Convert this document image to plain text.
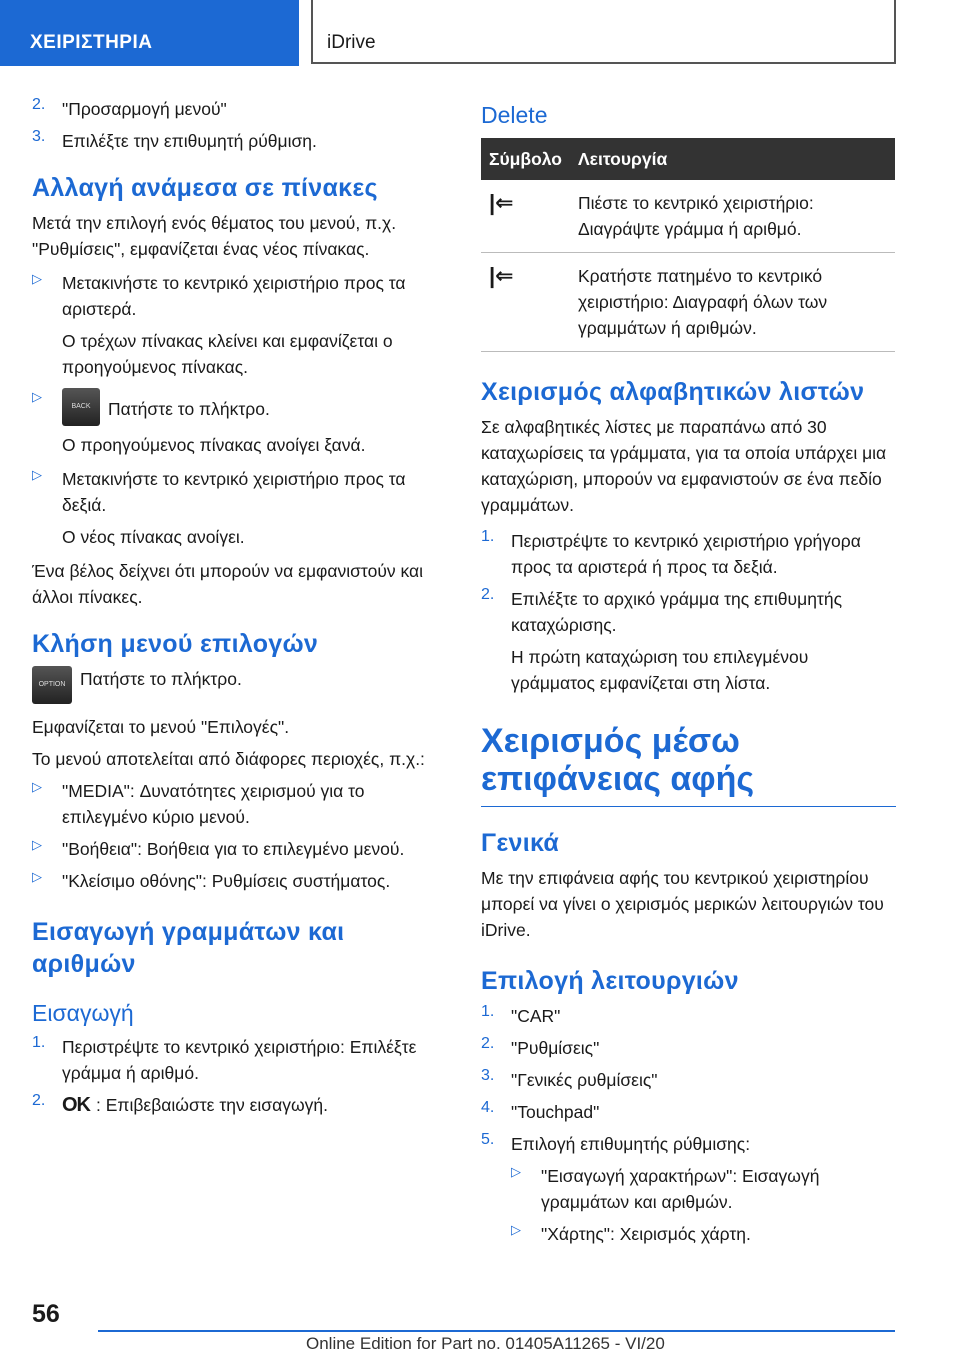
ΧΕΙΡΙΣΤΗΡΙΑ	iDrive
2. "Προσαρμογή μενού"
3. Επιλέξτε την επιθυμητή ρύθμιση.
Αλλαγή ανάμεσα σε πίνακες

Μετά την επιλογή ενός θέματος του μενού, π.χ. "Ρυθμίσεις", εμφανίζεται ένας νέος πίνακας.

▷	Μετακινήστε το κεντρικό χειριστήριο προς τα αριστερά.

Ο τρέχων πίνακας κλείνει και εμφανίζεται ο προηγούμενος πίνακας.

▷
BACK Πατήστε το πλήκτρο.

Ο προηγούμενος πίνακας ανοίγει ξανά.

▷	Μετακινήστε το κεντρικό χειριστήριο προς τα δεξιά.

Ο νέος πίνακας ανοίγει.

Ένα βέλος δείχνει ότι μπορούν να εμφανιστούν και άλλοι πίνακες.

Κλήση μενού επιλογών

OPTION Πατήστε το πλήκτρο.

Εμφανίζεται το μενού "Επιλογές".

Το μενού αποτελείται από διάφορες περιοχές, π.χ.:

▷	"MEDIA": Δυνατότητες χειρισμού για το επιλεγμένο κύριο μενού.
▷	"Βοήθεια": Βοήθεια για το επιλεγμένο μενού.
▷	"Κλείσιμο οθόνης": Ρυθμίσεις συστήματος.
Εισαγωγή γραμμάτων και αριθμών
Εισαγωγή
1. Περιστρέψτε το κεντρικό χειριστήριο: Επιλέξτε γράμμα ή αριθμό.
2. OK : Επιβεβαιώστε την εισαγωγή.
Delete
Σύμβολο	Λειτουργία
|⇐	Πιέστε το κεντρικό χειριστήριο: Διαγράψτε γράμμα ή αριθμό.
|⇐	Κρατήστε πατημένο το κεντρικό χειριστήριο: Διαγραφή όλων των γραμμάτων ή αριθμών.
Χειρισμός αλφαβητικών λιστών

Σε αλφαβητικές λίστες με παραπάνω από 30 καταχωρίσεις τα γράμματα, για τα οποία υπάρχει μια καταχώριση, μπορούν να εμφανιστούν σε ένα πεδίο γραμμάτων.

1. Περιστρέψτε το κεντρικό χειριστήριο γρήγορα προς τα αριστερά ή προς τα δεξιά.
2. Επιλέξτε το αρχικό γράμμα της επιθυμητής καταχώρισης.

Η πρώτη καταχώριση του επιλεγμένου γράμματος εμφανίζεται στη λίστα.

Χειρισμός μέσω επιφάνειας αφής
Γενικά

Με την επιφάνεια αφής του κεντρικού χειριστηρίου μπορεί να γίνει ο χειρισμός μερικών λειτουργιών του iDrive.

Επιλογή λειτουργιών
1. "CAR"
2. "Ρυθμίσεις"
3. "Γενικές ρυθμίσεις"
4. "Touchpad"
5. Επιλογή επιθυμητής ρύθμισης:
▷	"Εισαγωγή χαρακτήρων": Εισαγωγή γραμμάτων και αριθμών.
▷	"Χάρτης": Χειρισμός χάρτη.
56
Online Edition for Part no. 01405A11265 - VI/20
